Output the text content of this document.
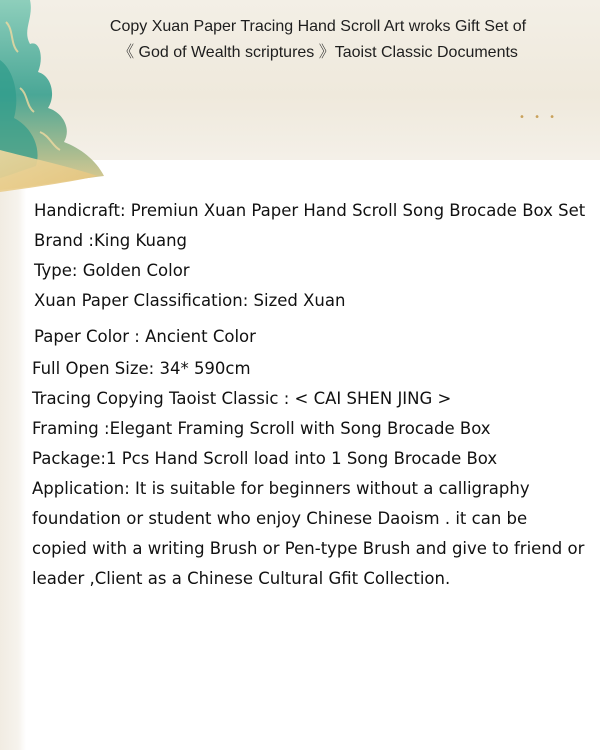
Copy Xuan Paper Tracing Hand Scroll Art wroks Gift Set of
《 God of Wealth scriptures 》Taoist Classic Documents
• • •
Handicraft: Premiun Xuan Paper Hand Scroll Song Brocade Box Set
Brand :King Kuang
Type: Golden Color
Xuan Paper Classification: Sized Xuan
Paper Color : Ancient Color
Full Open Size: 34* 590cm
Tracing Copying Taoist Classic : < CAI SHEN JING >
Framing :Elegant Framing Scroll with Song Brocade Box
Package:1 Pcs Hand Scroll load into 1 Song Brocade Box
Application: It is suitable for beginners without a calligraphy
foundation or student who enjoy Chinese Daoism . it can be
copied with a writing Brush or Pen-type Brush and give to friend or
leader ,Client as a Chinese Cultural Gfit Collection.
